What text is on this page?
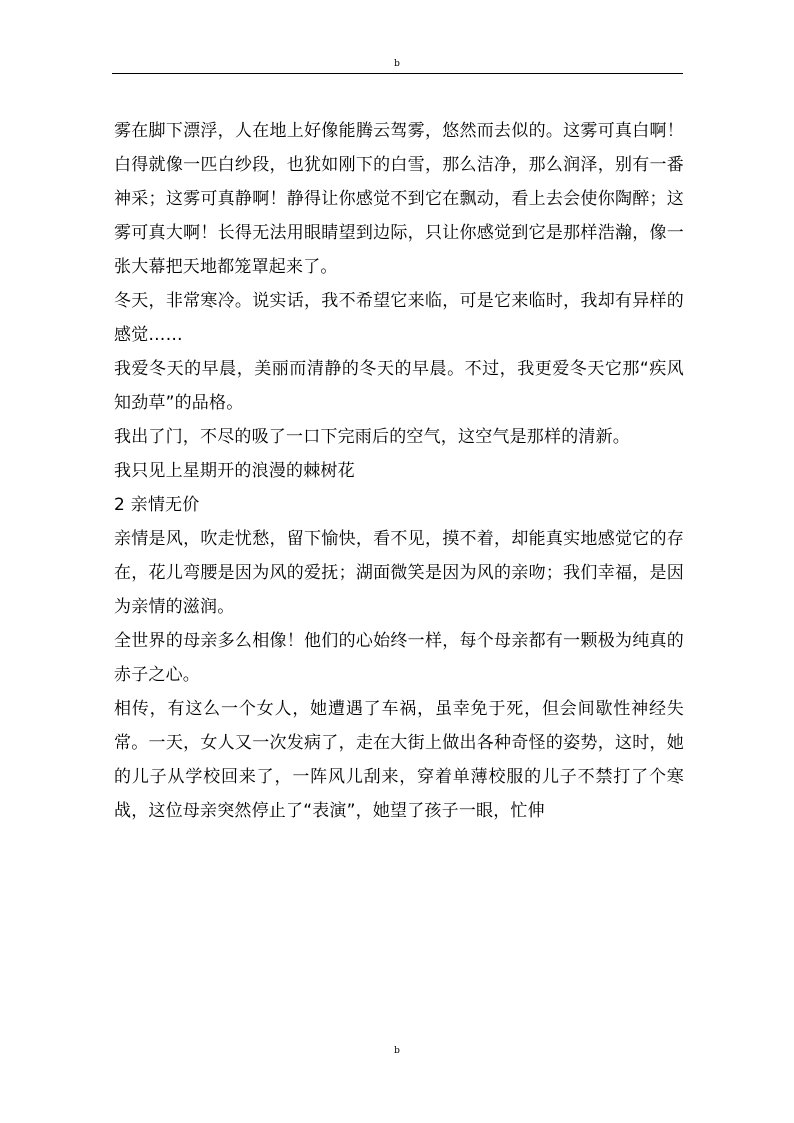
b

雾在脚下漂浮，人在地上好像能腾云驾雾，悠然而去似的。这雾可真白啊！白得就像一匹白纱段，也犹如刚下的白雪，那么洁净，那么润泽，别有一番神采；这雾可真静啊！静得让你感觉不到它在飘动，看上去会使你陶醉；这雾可真大啊！长得无法用眼睛望到边际，只让你感觉到它是那样浩瀚，像一张大幕把天地都笼罩起来了。

冬天，非常寒冷。说实话，我不希望它来临，可是它来临时，我却有异样的感觉……

我爱冬天的早晨，美丽而清静的冬天的早晨。不过，我更爱冬天它那“疾风知劲草”的品格。

我出了门，不尽的吸了一口下完雨后的空气，这空气是那样的清新。

我只见上星期开的浪漫的棘树花

2 亲情无价

亲情是风，吹走忧愁，留下愉快，看不见，摸不着，却能真实地感觉它的存在，花儿弯腰是因为风的爱抚；湖面微笑是因为风的亲吻；我们幸福，是因为亲情的滋润。

全世界的母亲多么相像！他们的心始终一样，每个母亲都有一颗极为纯真的赤子之心。

相传，有这么一个女人，她遭遇了车祸，虽幸免于死，但会间歇性神经失常。一天，女人又一次发病了，走在大街上做出各种奇怪的姿势，这时，她的儿子从学校回来了，一阵风儿刮来，穿着单薄校服的儿子不禁打了个寒战，这位母亲突然停止了“表演”，她望了孩子一眼，忙伸

b
